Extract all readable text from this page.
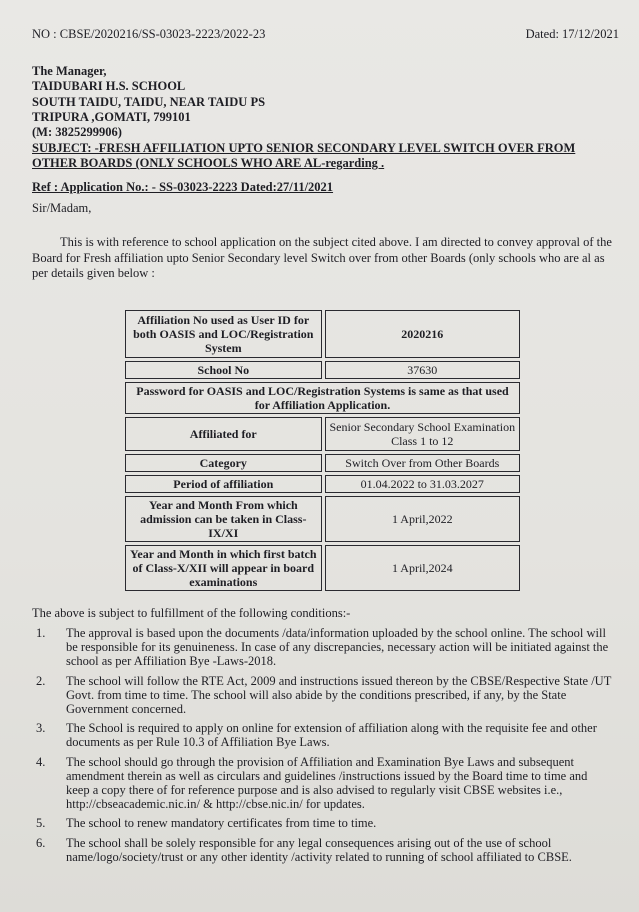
NO : CBSE/2020216/SS-03023-2223/2022-23	Dated: 17/12/2021
The Manager,
TAIDUBARI H.S. SCHOOL
SOUTH TAIDU, TAIDU, NEAR TAIDU PS
TRIPURA ,GOMATI, 799101
(M: 3825299906)
SUBJECT: -FRESH AFFILIATION UPTO SENIOR SECONDARY LEVEL SWITCH OVER FROM OTHER BOARDS (ONLY SCHOOLS WHO ARE AL-regarding .
Ref : Application No.: - SS-03023-2223 Dated:27/11/2021
Sir/Madam,
This is with reference to school application on the subject cited above. I am directed to convey approval of the Board for Fresh affiliation upto Senior Secondary level Switch over from other Boards (only schools who are al as per details given below :
Affiliation No used as User ID for both OASIS and LOC/Registration System		2020216
School No		37630
Password for OASIS and LOC/Registration Systems is same as that used for Affiliation Application.		
Affiliated for		Senior Secondary School Examination Class 1 to 12
Category		Switch Over from Other Boards
Period of affiliation		01.04.2022 to 31.03.2027
Year and Month From which admission can be taken in Class-IX/XI		1 April,2022
Year and Month in which first batch of Class-X/XII will appear in board examinations		1 April,2024
The above is subject to fulfillment of the following conditions:-
1. The approval is based upon the documents /data/information uploaded by the school online. The school will be responsible for its genuineness. In case of any discrepancies, necessary action will be initiated against the school as per Affiliation Bye -Laws-2018.
2. The school will follow the RTE Act, 2009 and instructions issued thereon by the CBSE/Respective State /UT Govt. from time to time. The school will also abide by the conditions prescribed, if any, by the State Government concerned.
3. The School is required to apply on online for extension of affiliation along with the requisite fee and other documents as per Rule 10.3 of Affiliation Bye Laws.
4. The school should go through the provision of Affiliation and Examination Bye Laws and subsequent amendment therein as well as circulars and guidelines /instructions issued by the Board time to time and keep a copy there of for reference purpose and is also advised to regularly visit CBSE websites i.e., http://cbseacademic.nic.in/ & http://cbse.nic.in/ for updates.
5. The school to renew mandatory certificates from time to time.
6. The school shall be solely responsible for any legal consequences arising out of the use of school name/logo/society/trust or any other identity /activity related to running of school affiliated to CBSE.
